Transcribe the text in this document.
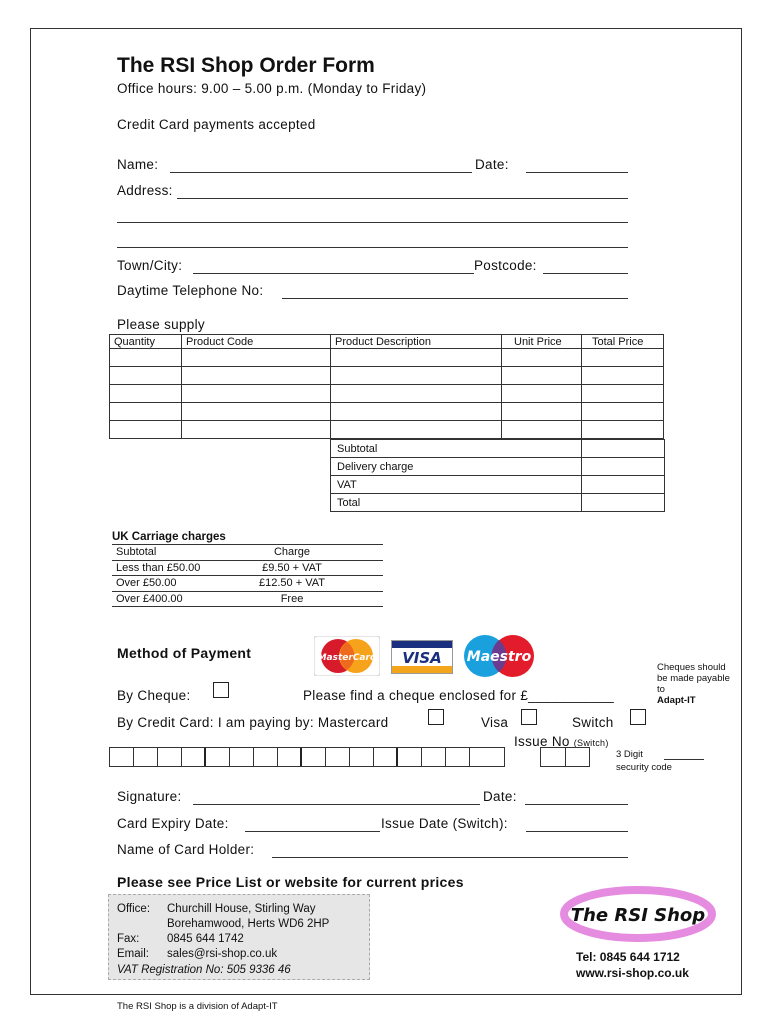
The RSI Shop Order Form
Office hours: 9.00 – 5.00 p.m. (Monday to Friday)
Credit Card payments accepted
Name:	Date:
Address:
Town/City:	Postcode:
Daytime Telephone No:
Please supply
Quantity	Product Code	Product Description	Unit Price	Total Price

Subtotal	
Delivery charge	
VAT	
Total	
UK Carriage charges
Subtotal	Charge
Less than £50.00	£9.50 + VAT
Over £50.00	£12.50 + VAT
Over £400.00	Free
Method of Payment	MasterCard VISA Maestro
Cheques should be made payable to
Adapt-IT
By Cheque:	Please find a cheque enclosed for £___________
By Credit Card: I am paying by: Mastercard	Visa	Switch
Issue No (Switch)
3 Digit
security code
Signature:	Date:
Card Expiry Date:	Issue Date (Switch):
Name of Card Holder:
Please see Price List or website for current prices
Office:	Churchill House, Stirling Way
Borehamwood, Herts WD6 2HP
Fax:	0845 644 1742
Email:	sales@rsi-shop.co.uk
VAT Registration No: 505 9336 46
The RSI Shop
Tel: 0845 644 1712
www.rsi-shop.co.uk
The RSI Shop is a division of Adapt-IT
